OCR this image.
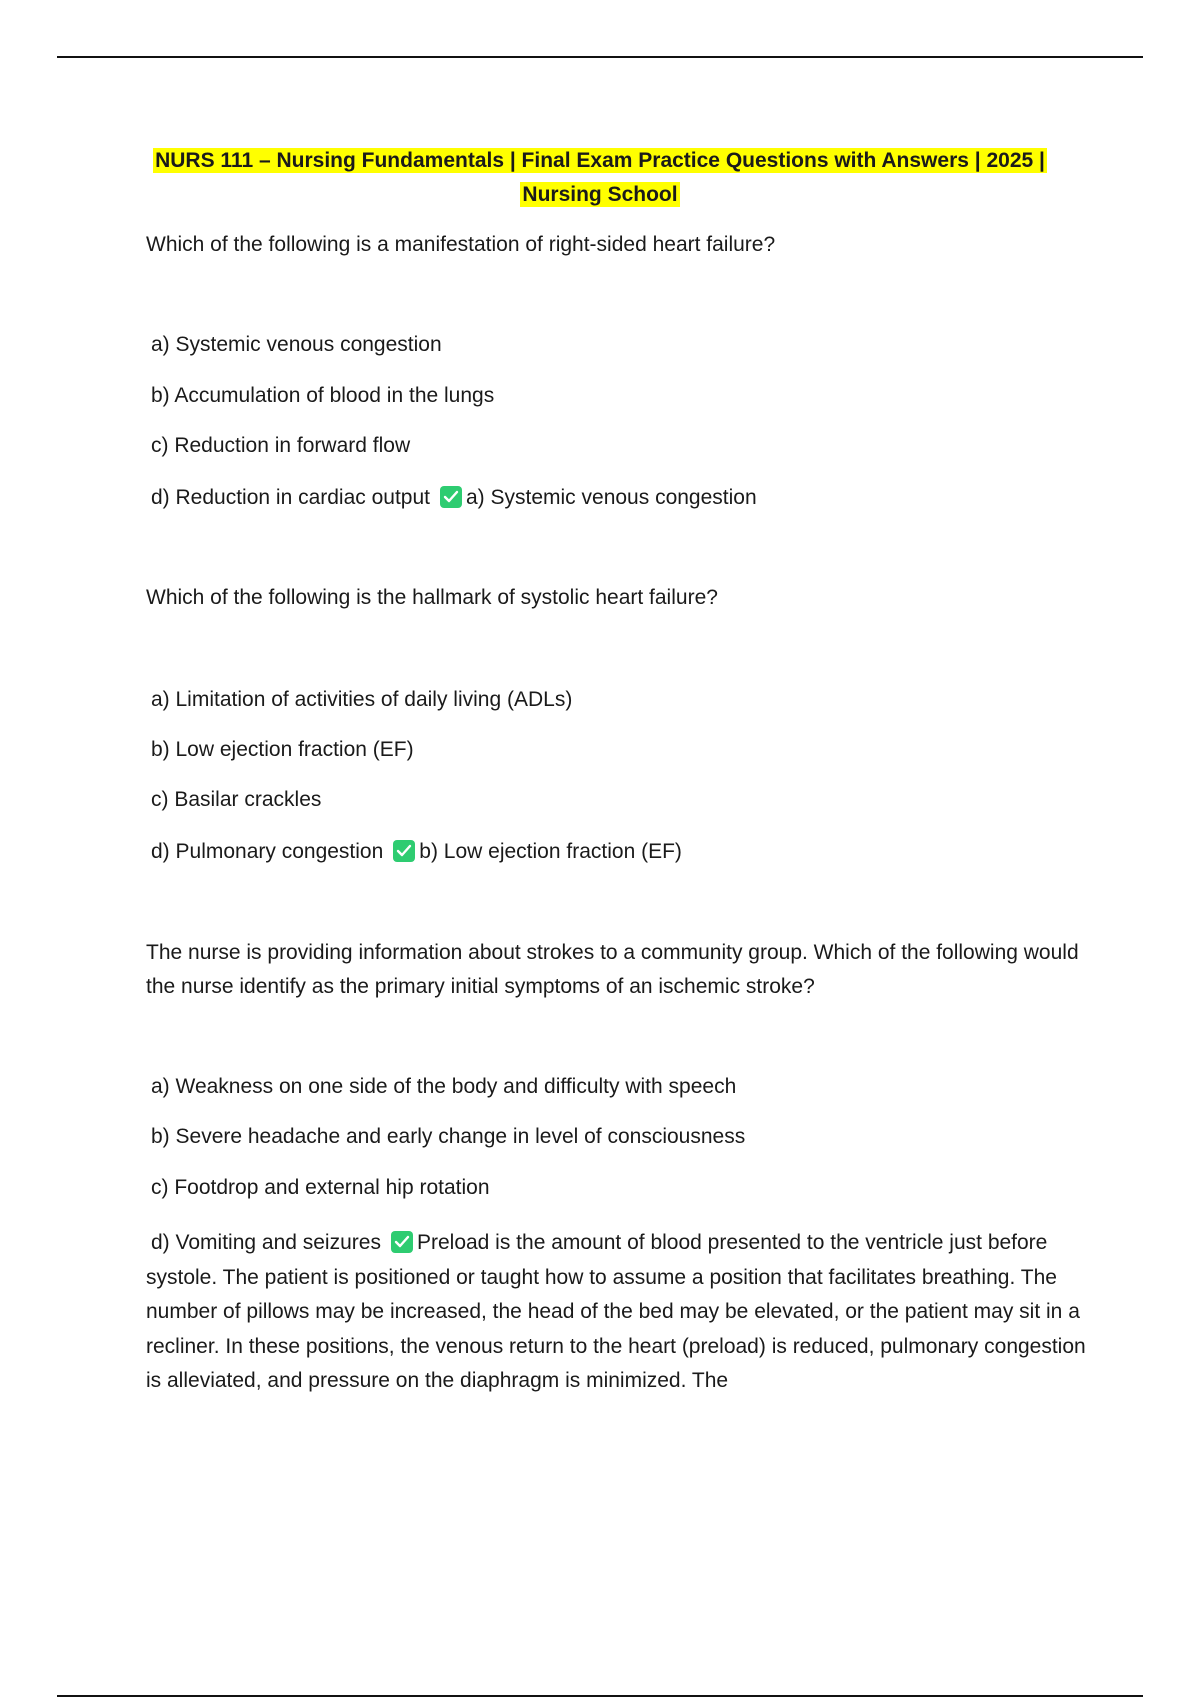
NURS 111 – Nursing Fundamentals | Final Exam Practice Questions with Answers | 2025 |
Nursing School
Which of the following is a manifestation of right-sided heart failure?
a) Systemic venous congestion
b) Accumulation of blood in the lungs
c) Reduction in forward flow
d) Reduction in cardiac output a) Systemic venous congestion
Which of the following is the hallmark of systolic heart failure?
a) Limitation of activities of daily living (ADLs)
b) Low ejection fraction (EF)
c) Basilar crackles
d) Pulmonary congestion b) Low ejection fraction (EF)
The nurse is providing information about strokes to a community group. Which of the following would the nurse identify as the primary initial symptoms of an ischemic stroke?
a) Weakness on one side of the body and difficulty with speech
b) Severe headache and early change in level of consciousness
c) Footdrop and external hip rotation
d) Vomiting and seizures Preload is the amount of blood presented to the ventricle just before systole. The patient is positioned or taught how to assume a position that facilitates breathing. The number of pillows may be increased, the head of the bed may be elevated, or the patient may sit in a recliner. In these positions, the venous return to the heart (preload) is reduced, pulmonary congestion is alleviated, and pressure on the diaphragm is minimized. The
